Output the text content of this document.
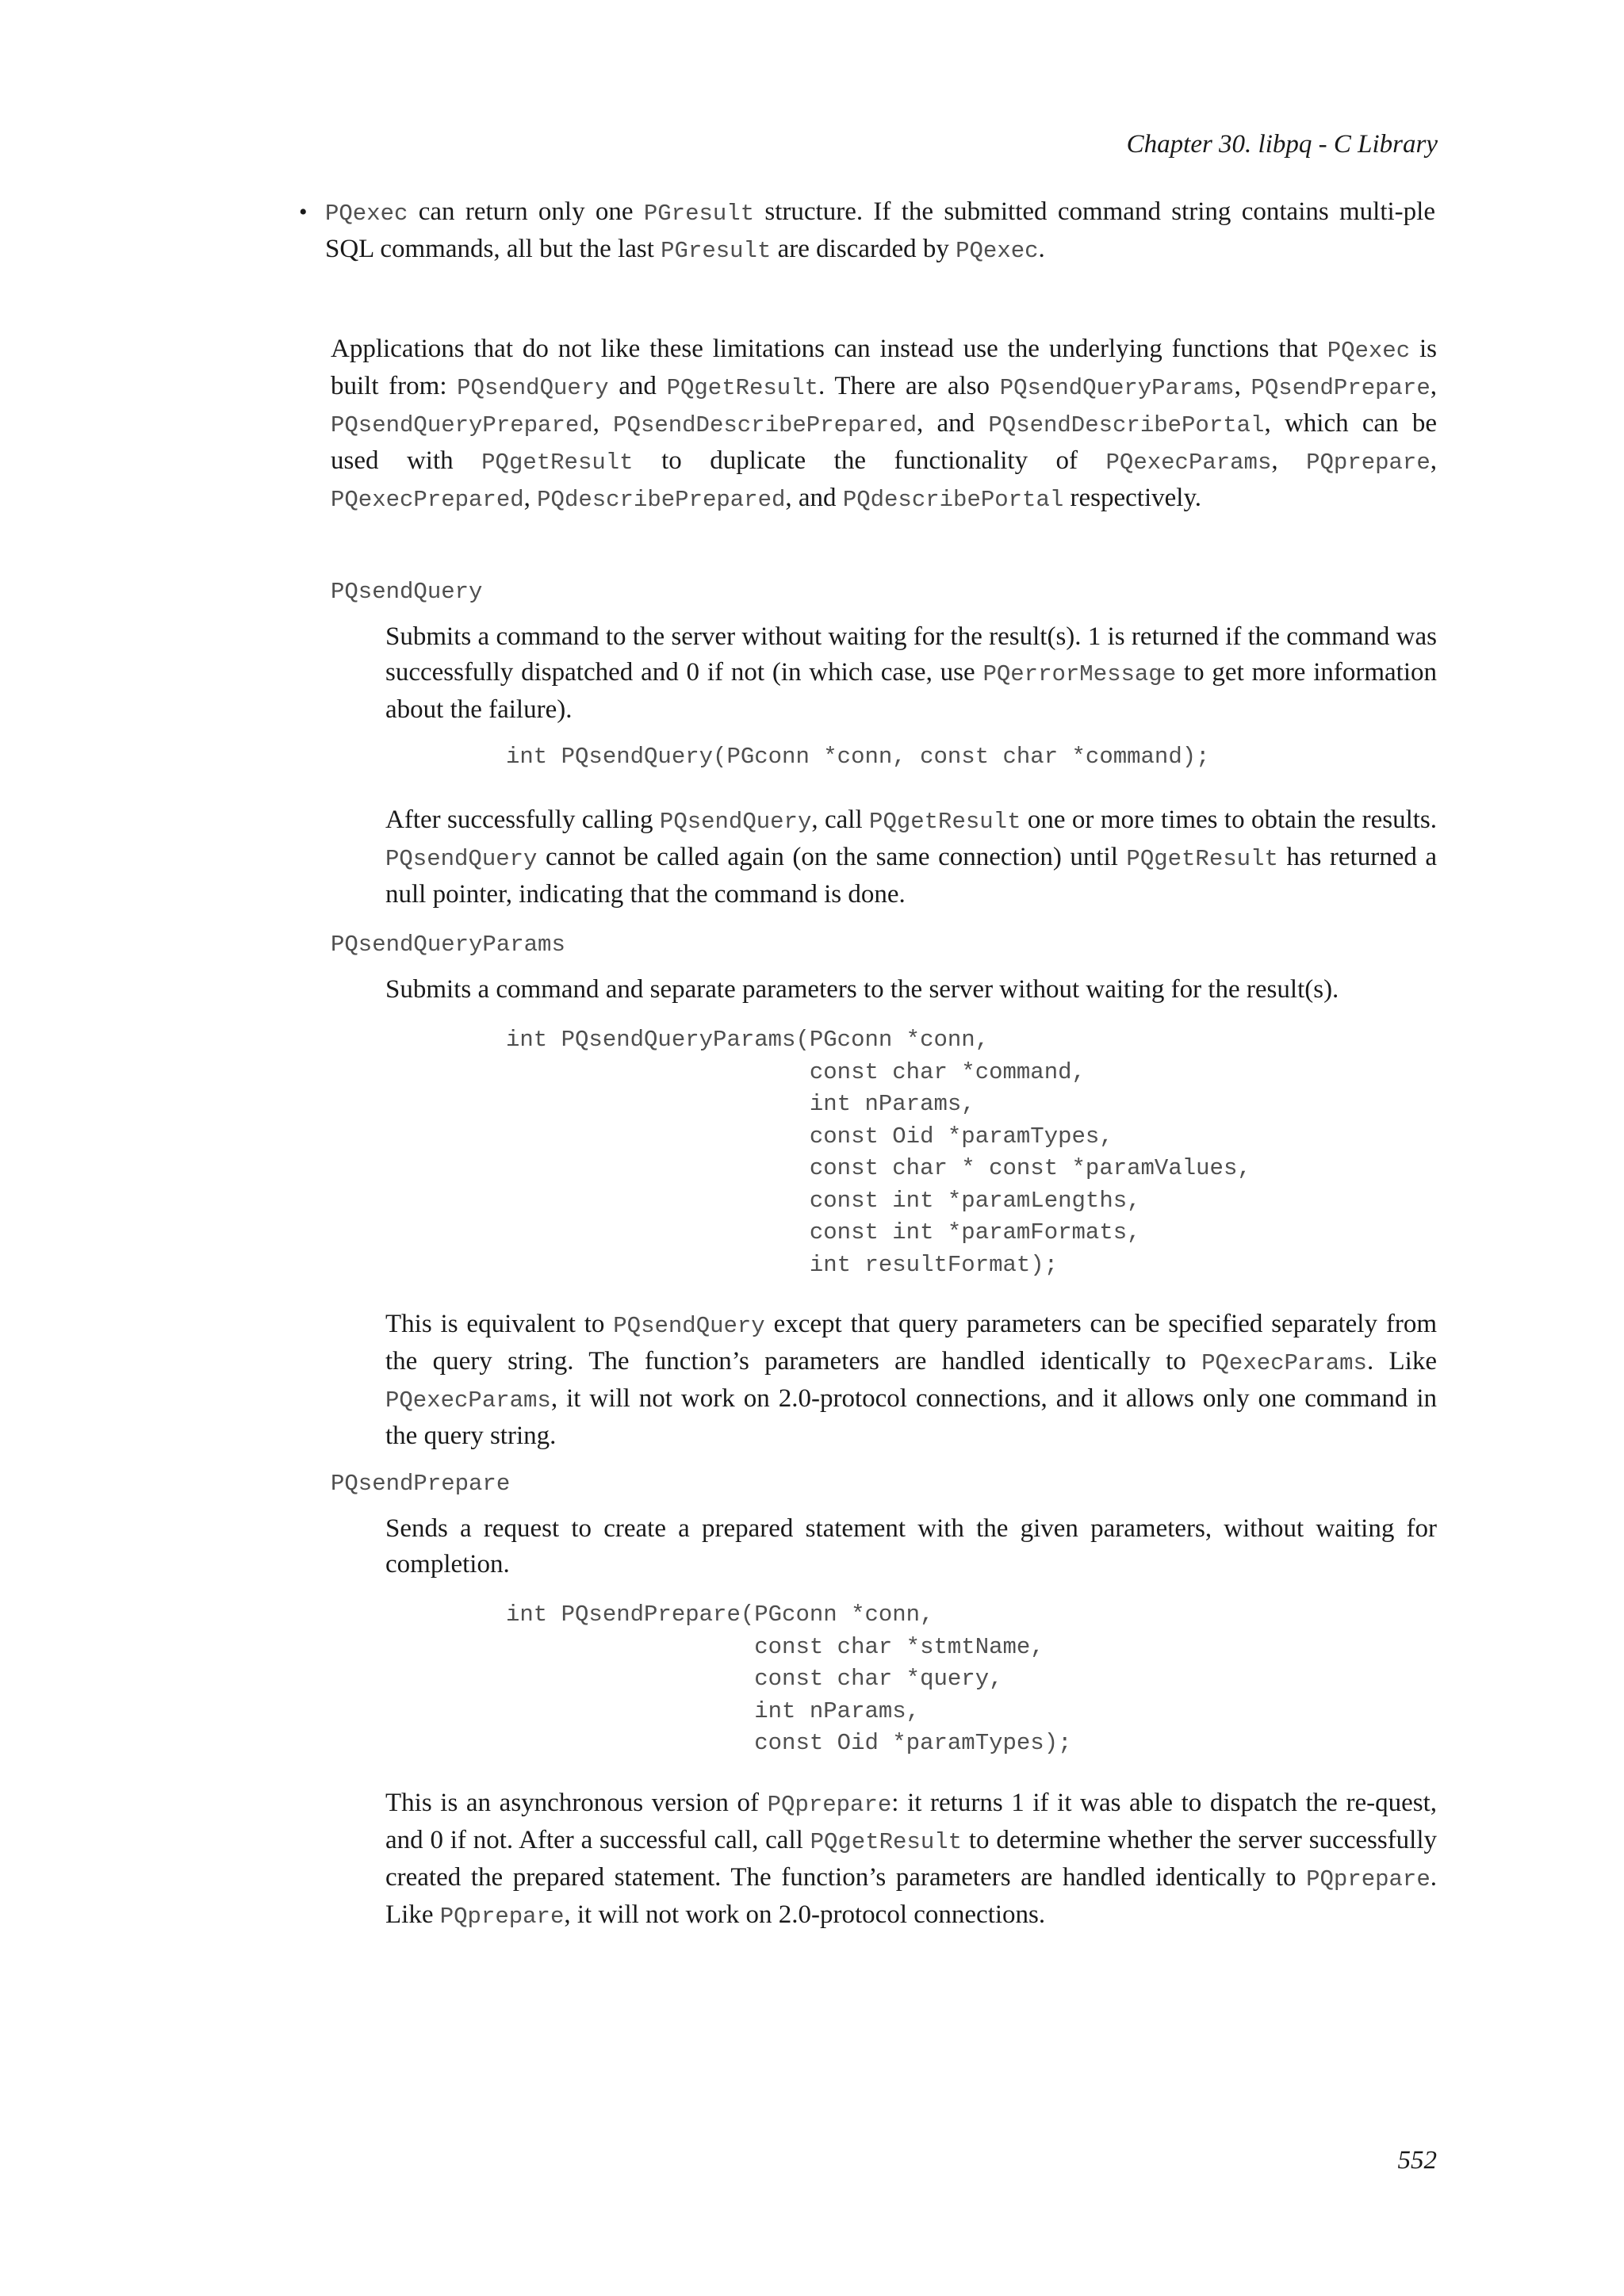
Chapter 30. libpq - C Library
• PQexec can return only one PGresult structure. If the submitted command string contains multi-ple SQL commands, all but the last PGresult are discarded by PQexec.

Applications that do not like these limitations can instead use the underlying functions that PQexec is built from: PQsendQuery and PQgetResult. There are also PQsendQueryParams, PQsendPrepare, PQsendQueryPrepared, PQsendDescribePrepared, and PQsendDescribePortal, which can be used with PQgetResult to duplicate the functionality of PQexecParams, PQprepare, PQexecPrepared, PQdescribePrepared, and PQdescribePortal respectively.

PQsendQuery

Submits a command to the server without waiting for the result(s). 1 is returned if the command was successfully dispatched and 0 if not (in which case, use PQerrorMessage to get more information about the failure).

int PQsendQuery(PGconn *conn, const char *command);

After successfully calling PQsendQuery, call PQgetResult one or more times to obtain the results. PQsendQuery cannot be called again (on the same connection) until PQgetResult has returned a null pointer, indicating that the command is done.

PQsendQueryParams

Submits a command and separate parameters to the server without waiting for the result(s).

int PQsendQueryParams(PGconn *conn,
const char *command,
int nParams,
const Oid *paramTypes,
const char * const *paramValues,
const int *paramLengths,
const int *paramFormats,
int resultFormat);

This is equivalent to PQsendQuery except that query parameters can be specified separately from the query string. The function’s parameters are handled identically to PQexecParams. Like PQexecParams, it will not work on 2.0-protocol connections, and it allows only one command in the query string.

PQsendPrepare

Sends a request to create a prepared statement with the given parameters, without waiting for completion.

int PQsendPrepare(PGconn *conn,
const char *stmtName,
const char *query,
int nParams,
const Oid *paramTypes);

This is an asynchronous version of PQprepare: it returns 1 if it was able to dispatch the re-quest, and 0 if not. After a successful call, call PQgetResult to determine whether the server successfully created the prepared statement. The function’s parameters are handled identically to PQprepare. Like PQprepare, it will not work on 2.0-protocol connections.

552
